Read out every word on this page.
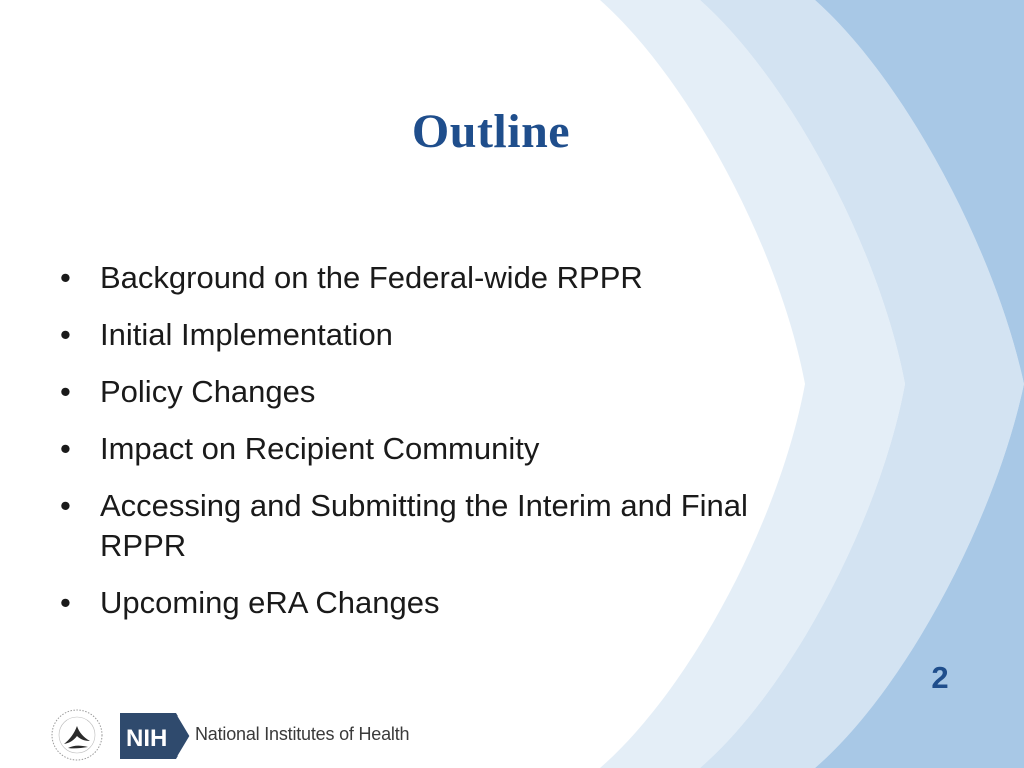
Outline
• Background on the Federal-wide RPPR
• Initial Implementation
• Policy Changes
• Impact on Recipient Community
• Accessing and Submitting the Interim and Final RPPR
• Upcoming eRA Changes
2
NIH National Institutes of Health
